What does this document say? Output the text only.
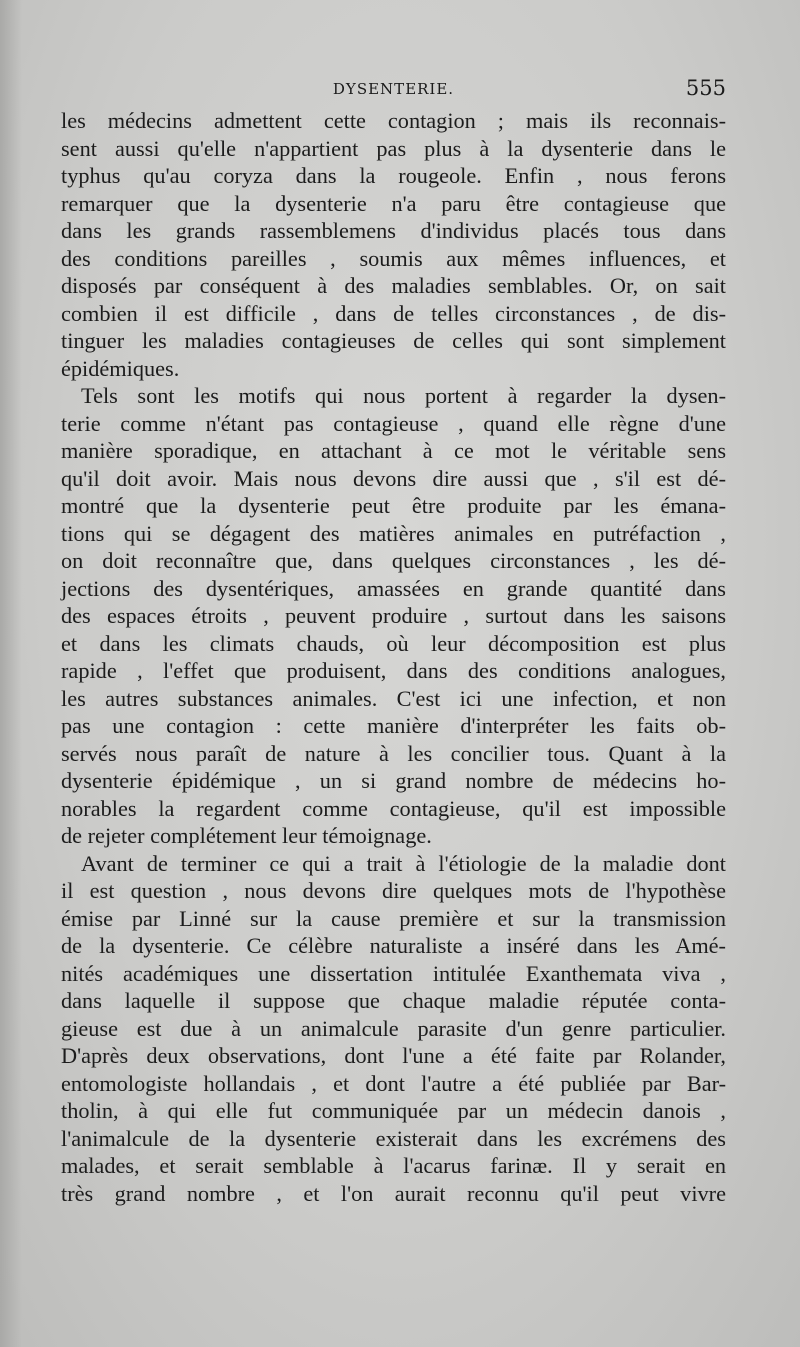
DYSENTERIE.	555
les médecins admettent cette contagion ; mais ils reconnais-
sent aussi qu'elle n'appartient pas plus à la dysenterie dans le
typhus qu'au coryza dans la rougeole. Enfin , nous ferons
remarquer que la dysenterie n'a paru être contagieuse que
dans les grands rassemblemens d'individus placés tous dans
des conditions pareilles , soumis aux mêmes influences, et
disposés par conséquent à des maladies semblables. Or, on sait
combien il est difficile , dans de telles circonstances , de dis-
tinguer les maladies contagieuses de celles qui sont simplement
épidémiques.
Tels sont les motifs qui nous portent à regarder la dysen-
terie comme n'étant pas contagieuse , quand elle règne d'une
manière sporadique, en attachant à ce mot le véritable sens
qu'il doit avoir. Mais nous devons dire aussi que , s'il est dé-
montré que la dysenterie peut être produite par les émana-
tions qui se dégagent des matières animales en putréfaction ,
on doit reconnaître que, dans quelques circonstances , les dé-
jections des dysentériques, amassées en grande quantité dans
des espaces étroits , peuvent produire , surtout dans les saisons
et dans les climats chauds, où leur décomposition est plus
rapide , l'effet que produisent, dans des conditions analogues,
les autres substances animales. C'est ici une infection, et non
pas une contagion : cette manière d'interpréter les faits ob-
servés nous paraît de nature à les concilier tous. Quant à la
dysenterie épidémique , un si grand nombre de médecins ho-
norables la regardent comme contagieuse, qu'il est impossible
de rejeter complétement leur témoignage.
Avant de terminer ce qui a trait à l'étiologie de la maladie dont
il est question , nous devons dire quelques mots de l'hypothèse
émise par Linné sur la cause première et sur la transmission
de la dysenterie. Ce célèbre naturaliste a inséré dans les Amé-
nités académiques une dissertation intitulée Exanthemata viva ,
dans laquelle il suppose que chaque maladie réputée conta-
gieuse est due à un animalcule parasite d'un genre particulier.
D'après deux observations, dont l'une a été faite par Rolander,
entomologiste hollandais , et dont l'autre a été publiée par Bar-
tholin, à qui elle fut communiquée par un médecin danois ,
l'animalcule de la dysenterie existerait dans les excrémens des
malades, et serait semblable à l'acarus farinæ. Il y serait en
très grand nombre , et l'on aurait reconnu qu'il peut vivre
